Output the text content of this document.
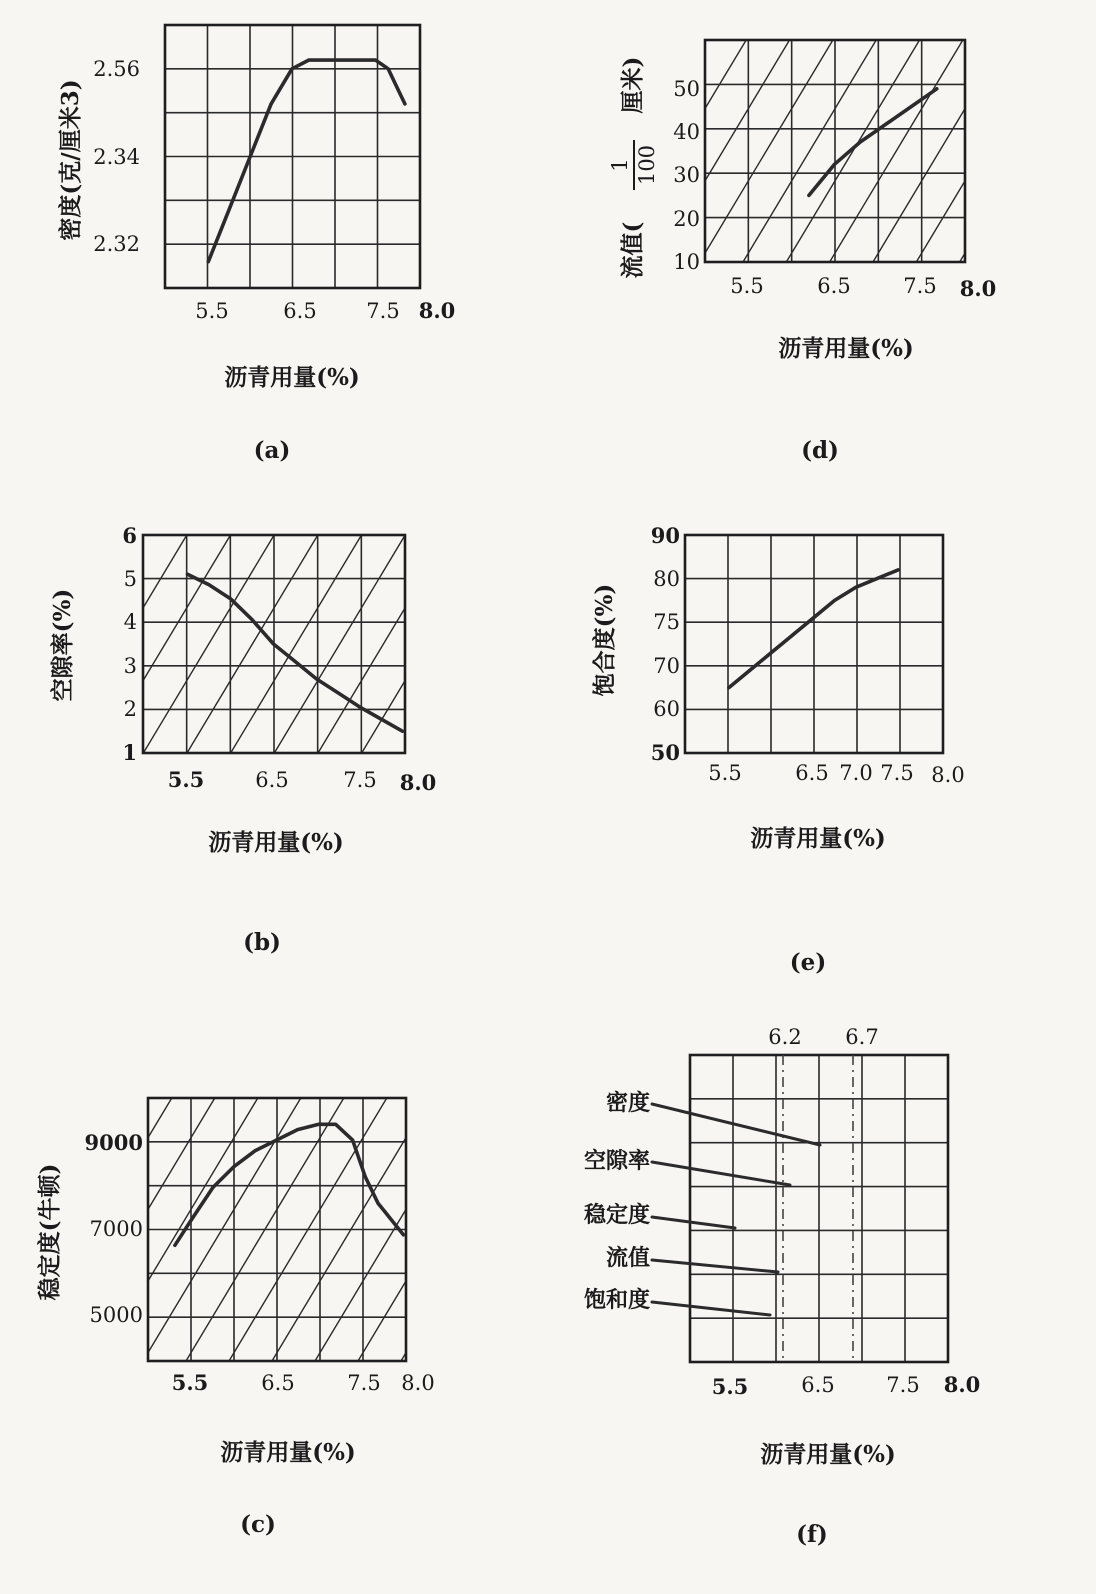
2.56
2.34
2.32
5.5	6.5 7.5 8.0
沥青用量(%)
密度(克/厘米3)
(a)
50
40
30
20
10
5.5	6.5	7.5 8.0
沥青用量(%)
流值(
1 100
厘米)
(d)
6
5
4
3
2
1
5.5 6.5	7.5 8.0
沥青用量(%)
空隙率(%)
(b)
90
80
75
70
60
50
5.5	6.5 7.0 7.5 8.0
沥青用量(%)
饱合度(%)
(e)
9000
7000
5000
5.5	6.5	7.5 8.0
沥青用量(%)
稳定度(牛顿)
(c)
6.2 6.7
密度
空隙率
稳定度
流值
饱和度
5.5	6.5 7.5 8.0
沥青用量(%)
(f)
